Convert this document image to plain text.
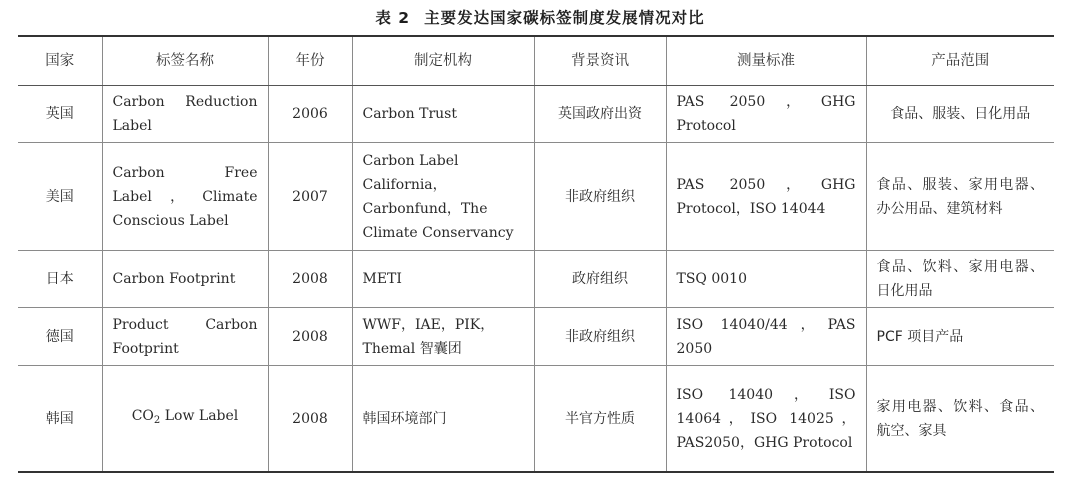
表 2 主要发达国家碳标签制度发展情况对比
国家	标签名称	年份	制定机构	背景资讯	测量标准	产品范围
英国	Carbon Reduction Label	2006	Carbon Trust	英国政府出资	PAS 2050，GHG Protocol	食品、服装、日化用品
美国	Carbon Free Label，Climate Conscious Label	2007	Carbon Label California，Carbonfund，The Climate Conservancy	非政府组织	PAS 2050，GHG Protocol，ISO 14044	食品、服装、家用电器、办公用品、建筑材料
日本	Carbon Footprint	2008	METI	政府组织	TSQ 0010	食品、饮料、家用电器、日化用品
德国	Product Carbon Footprint	2008	WWF，IAE，PIK，Themal 智囊团	非政府组织	ISO 14040/44，PAS 2050	PCF 项目产品
韩国	$CO_2$ Low Label	2008	韩国环境部门	半官方性质	ISO 14040，ISO 14064，ISO 14025，PAS2050，GHG Protocol	家用电器、饮料、食品、航空、家具
